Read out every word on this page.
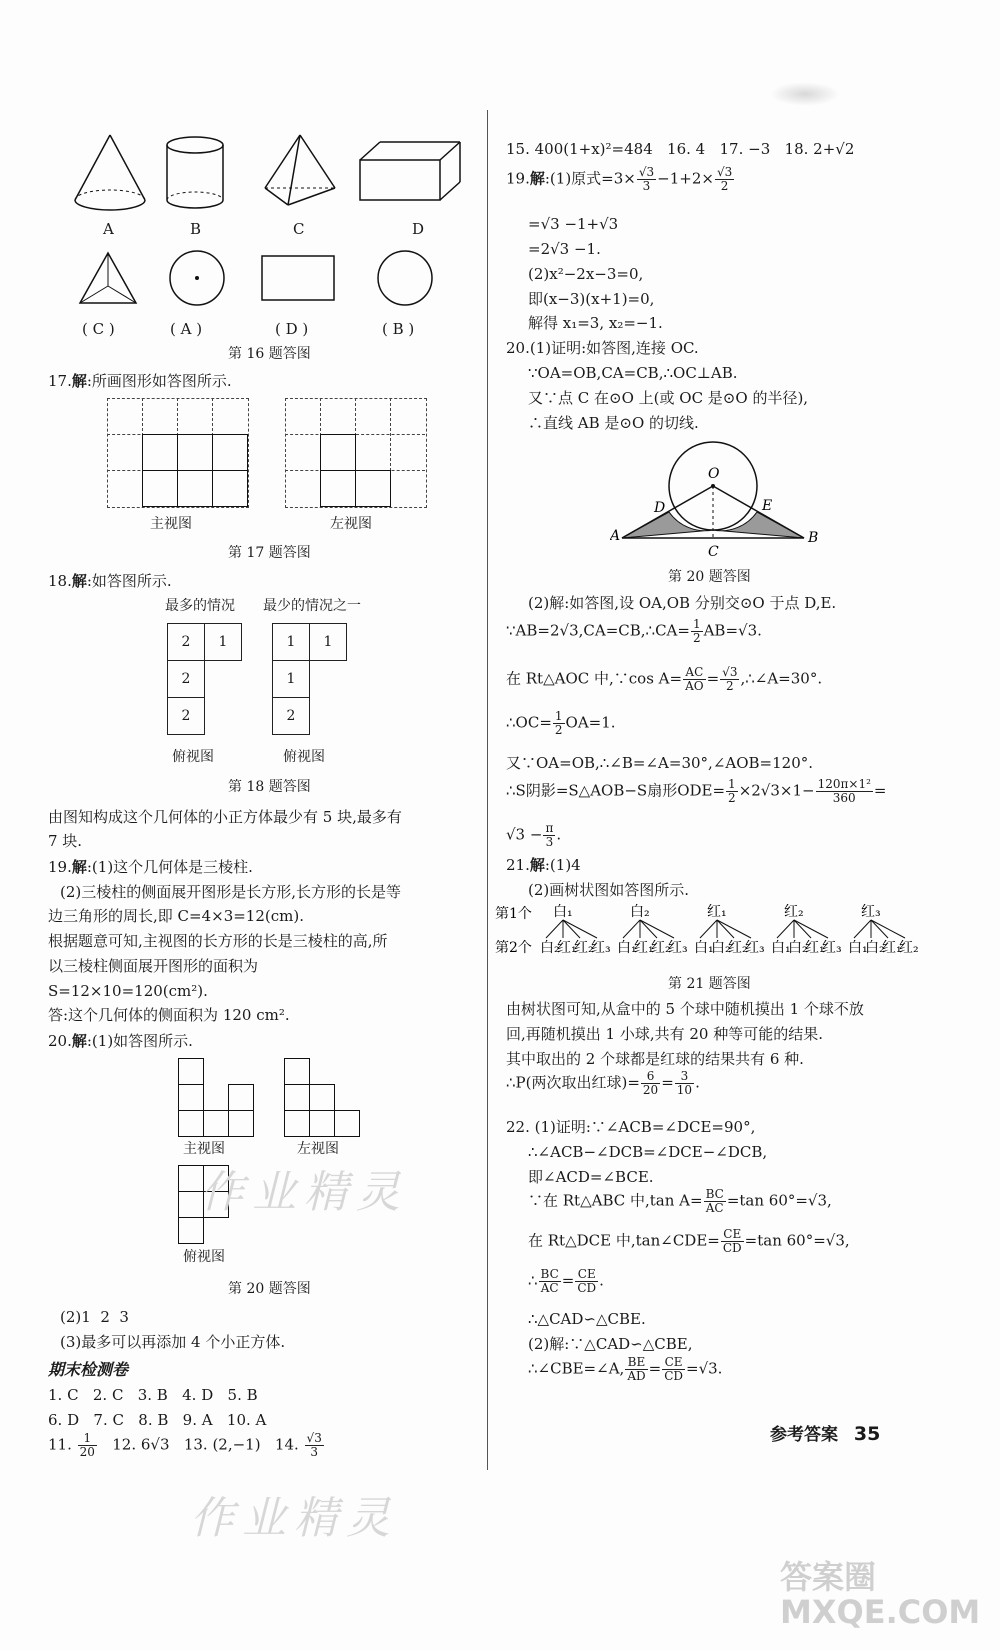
A	B	C	D
( C )	( A )	( D )	( B )
第 16 题答图
17.解:所画图形如答图所示.
主视图	左视图
第 17 题答图
18.解:如答图所示.
最多的情况 最少的情况之一
2	1
2	
2	
1	1
1	
2	
俯视图	俯视图
第 18 题答图
由图知构成这个几何体的小正方体最少有 5 块,最多有
7 块.
19.解:(1)这个几何体是三棱柱.
(2)三棱柱的侧面展开图形是长方形,长方形的长是等
边三角形的周长,即 C=4×3=12(cm).
根据题意可知,主视图的长方形的长是三棱柱的高,所
以三棱柱侧面展开图形的面积为
S=12×10=120(cm²).
答:这个几何体的侧面积为 120 cm².
20.解:(1)如答图所示.
主视图	左视图
作业精灵
俯视图
第 20 题答图
(2)1  2  3
(3)最多可以再添加 4 个小正方体.
期末检测卷
1. C   2. C   3. B   4. D   5. B
6. D   7. C   8. B   9. A   10. A
11. $\frac{1}{20} 12$. 6√3 13. (2,−1) 14. $\frac{√3}{3}$
作业精灵
15. 400(1+x)²=484   16. 4   17. −3   18. 2+√2
19.解:(1)原式$=3\times \frac{√3}{3} -1+2\times \frac{√3}{2}$
=√3 −1+√3
=2√3 −1.
(2)x²−2x−3=0,
即(x−3)(x+1)=0,
解得 x₁=3, x₂=−1.
20.(1)证明:如答图,连接 OC.
∵OA=OB,CA=CB,∴OC⊥AB.
又∵点 C 在⊙O 上(或 OC 是⊙O 的半径),
∴直线 AB 是⊙O 的切线.
O
D	E
A
C
B
第 20 题答图
(2)解:如答图,设 OA,OB 分别交⊙O 于点 D,E.
∵AB=2√3,CA=CB,∴CA= $\frac{1}{2} AB=√3$.
在 Rt△AOC 中,∵cos $A= \frac{AC}{AO} = \frac{√3}{2}$ ,∴∠A=30°.
∴OC= $\frac{1}{2} OA=1$.
又∵OA=OB,∴∠B=∠A=30°,∠AOB=120°.
∴S阴影=S△AOB−S扇形$ODE= \frac{1}{2} \times 2√3\times 1- \frac{\text{120π×1²}}{360}$ =
$√3 - \frac{\pi}{3}$ .
21.解:(1)4
(2)画树状图如答图所示.
第1个
第2个
白₁	白₂	红₁	红₂	红₃
白₂
红₁
红₂
红₃ 白₁
红₁
红₂
红₃ 白₁
白₂
红₂
红₃ 白₁
白₂
红₁
红₃ 白₁
白₂
红₁
红₂
第 21 题答图
由树状图可知,从盒中的 5 个球中随机摸出 1 个球不放
回,再随机摸出 1 小球,共有 20 种等可能的结果.
其中取出的 2 个球都是红球的结果共有 6 种.
∴P(两次取出红球)= $\frac{6}{20} = \frac{3}{10}$ .
22. (1)证明:∵∠ACB=∠DCE=90°,
∴∠ACB−∠DCB=∠DCE−∠DCB,
即∠ACD=∠BCE.
∵在 Rt△ABC 中,tan $A= \frac{BC}{AC} =\tan$ 60°=√3,
在 Rt△DCE 中,tan∠CDE= $\frac{CE}{CD} =\tan$ 60°=√3,
∴ $\frac{BC}{AC} = \frac{CE}{CD}$ .
∴△CAD∽△CBE.
(2)解:∵△CAD∽△CBE,
∴∠CBE=∠A, $\frac{BE}{AD} = \frac{CE}{CD} =√3$.
参考答案 35
答案圈 MXQE.COM
